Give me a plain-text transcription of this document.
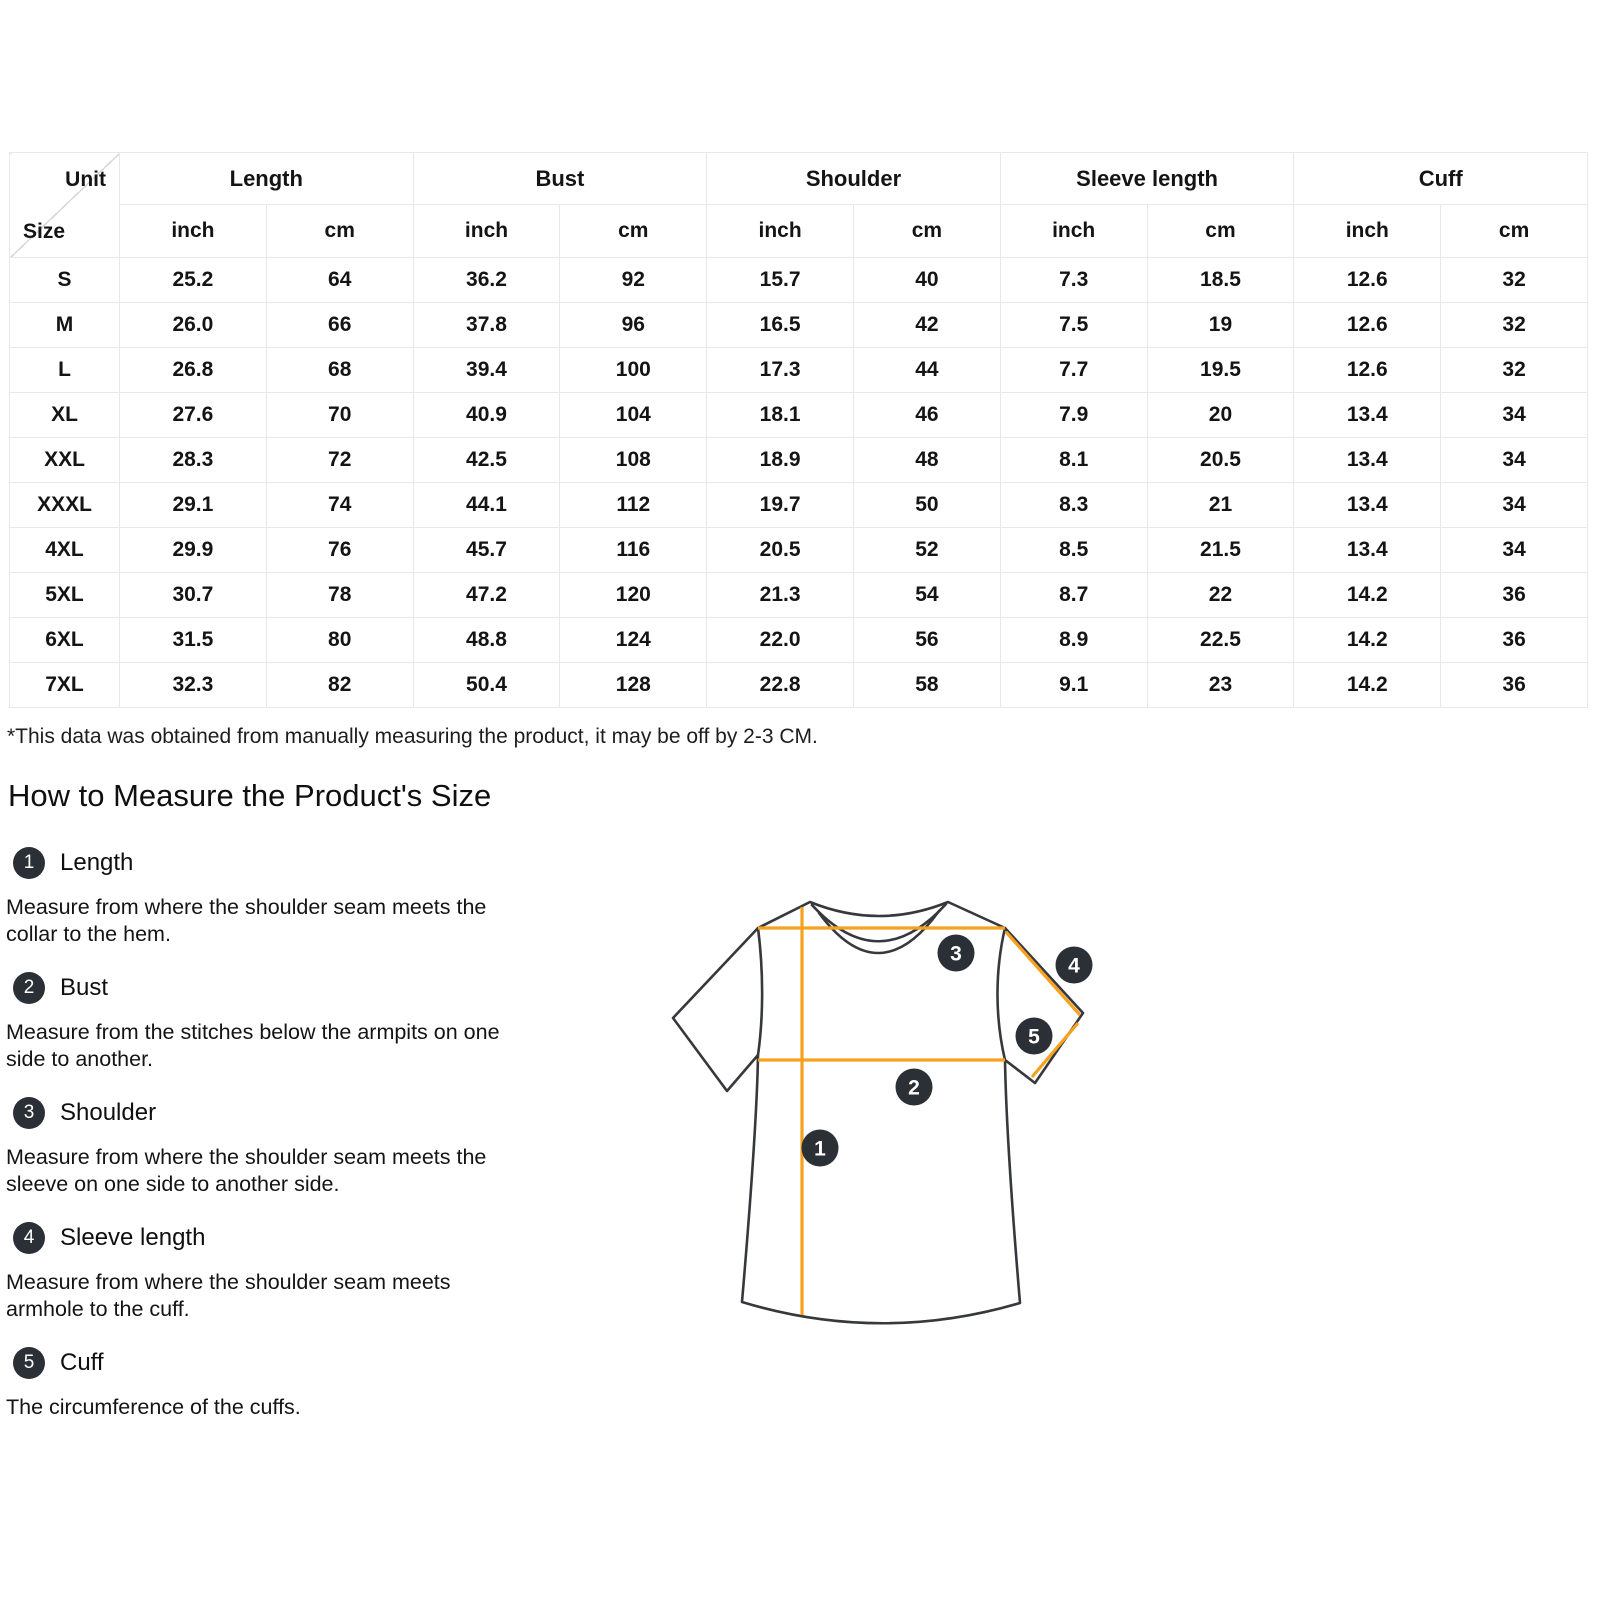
Unit
Size	Length		Bust		Shoulder		Sleeve length		Cuff	
	inch	cm	inch	cm	inch	cm	inch	cm	inch	cm
S	25.2	64	36.2	92	15.7	40	7.3	18.5	12.6	32
M	26.0	66	37.8	96	16.5	42	7.5	19	12.6	32
L	26.8	68	39.4	100	17.3	44	7.7	19.5	12.6	32
XL	27.6	70	40.9	104	18.1	46	7.9	20	13.4	34
XXL	28.3	72	42.5	108	18.9	48	8.1	20.5	13.4	34
XXXL	29.1	74	44.1	112	19.7	50	8.3	21	13.4	34
4XL	29.9	76	45.7	116	20.5	52	8.5	21.5	13.4	34
5XL	30.7	78	47.2	120	21.3	54	8.7	22	14.2	36
6XL	31.5	80	48.8	124	22.0	56	8.9	22.5	14.2	36
7XL	32.3	82	50.4	128	22.8	58	9.1	23	14.2	36

*This data was obtained from manually measuring the product, it may be off by 2-3 CM.

How to Measure the Product's Size
1	Length

Measure from where the shoulder seam meets the collar to the hem.

2	Bust

Measure from the stitches below the armpits on one side to another.

3	Shoulder

Measure from where the shoulder seam meets the sleeve on one side to another side.

4	Sleeve length

Measure from where the shoulder seam meets armhole to the cuff.

5	Cuff

The circumference of the cuffs.

1
2
3
4
5
